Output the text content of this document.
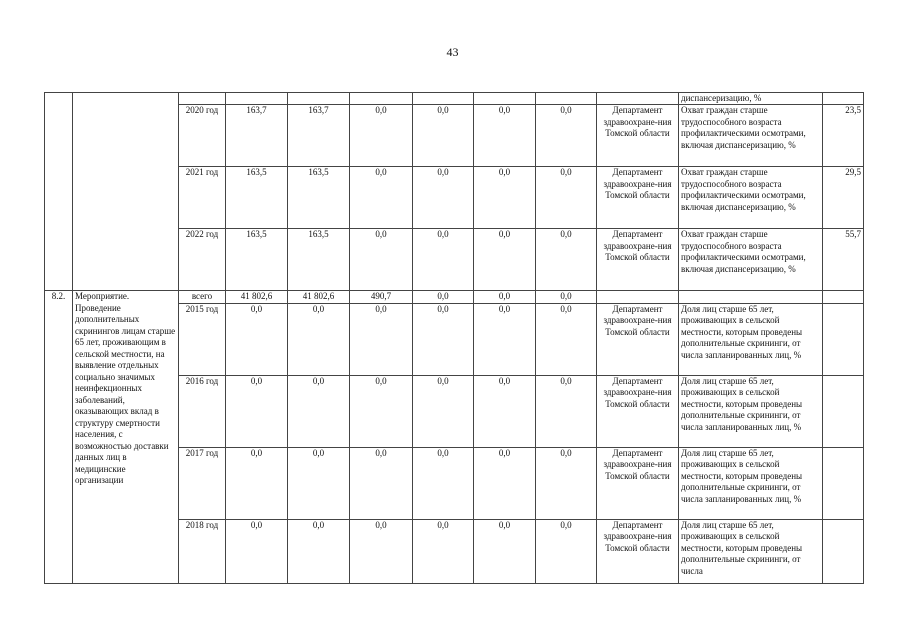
43

										диспансеризацию, %	

		2020 год	163,7	163,7	0,0	0,0	0,0	0,0	Департамент здравоохране-ния Томской области	Охват граждан старше трудоспособного возраста профилактическими осмотрами, включая диспансеризацию, %	23,5
		2021 год	163,5	163,5	0,0	0,0	0,0	0,0	Департамент здравоохране-ния Томской области	Охват граждан старше трудоспособного возраста профилактическими осмотрами, включая диспансеризацию, %	29,5
		2022 год	163,5	163,5	0,0	0,0	0,0	0,0	Департамент здравоохране-ния Томской области	Охват граждан старше трудоспособного возраста профилактическими осмотрами, включая диспансеризацию, %	55,7
8.2.	Мероприятие. Проведение дополнительных скринингов лицам старше 65 лет, проживающим в сельской местности, на выявление отдельных социально значимых неинфекционных заболеваний, оказывающих вклад в структуру смертности населения, с возможностью доставки данных лиц в медицинские организации	всего	41 802,6	41 802,6	490,7	0,0	0,0	0,0			
		2015 год	0,0	0,0	0,0	0,0	0,0	0,0	Департамент здравоохране-ния Томской области	Доля лиц старше 65 лет, проживающих в сельской местности, которым проведены дополнительные скрининги, от числа запланированных лиц, %	
		2016 год	0,0	0,0	0,0	0,0	0,0	0,0	Департамент здравоохране-ния Томской области	Доля лиц старше 65 лет, проживающих в сельской местности, которым проведены дополнительные скрининги, от числа запланированных лиц, %	
		2017 год	0,0	0,0	0,0	0,0	0,0	0,0	Департамент здравоохране-ния Томской области	Доля лиц старше 65 лет, проживающих в сельской местности, которым проведены дополнительные скрининги, от числа запланированных лиц, %	
		2018 год	0,0	0,0	0,0	0,0	0,0	0,0	Департамент здравоохране-ния Томской области	Доля лиц старше 65 лет, проживающих в сельской местности, которым проведены дополнительные скрининги, от числа	
